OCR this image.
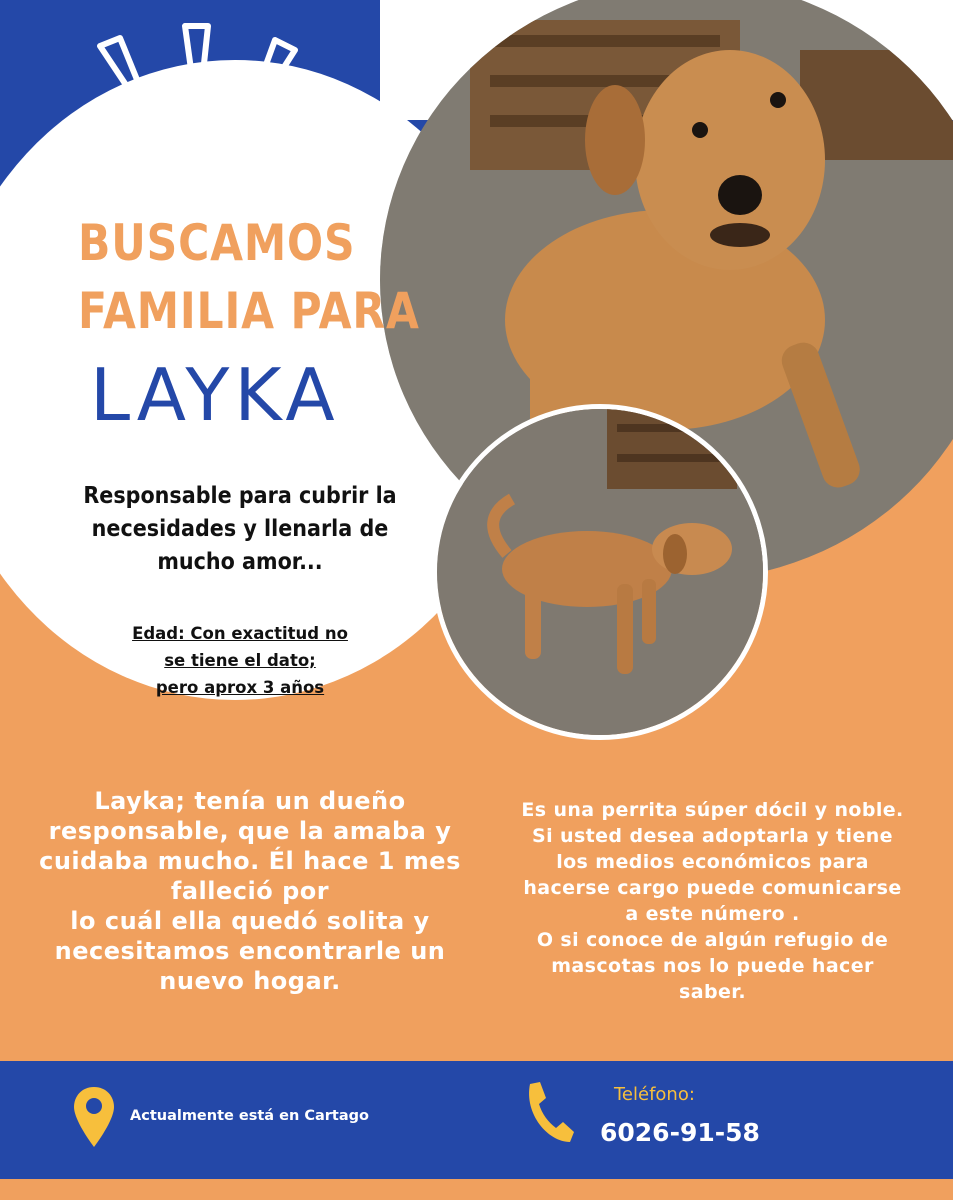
BUSCAMOS
FAMILIA PARA
LAYKA
Responsable para cubrir la
necesidades y llenarla de
mucho amor...
Edad: Con exactitud no
se tiene el dato;
pero aprox 3 años
Layka; tenía un dueño
responsable, que la amaba y
cuidaba mucho. Él hace 1 mes
falleció por
lo cuál ella quedó solita y
necesitamos encontrarle un
nuevo hogar.
Es una perrita súper dócil y noble.
Si usted desea adoptarla y tiene
los medios económicos para
hacerse cargo puede comunicarse
a este número .
O si conoce de algún refugio de
mascotas nos lo puede hacer
saber.
Actualmente está en Cartago
Teléfono:
6026-91-58
